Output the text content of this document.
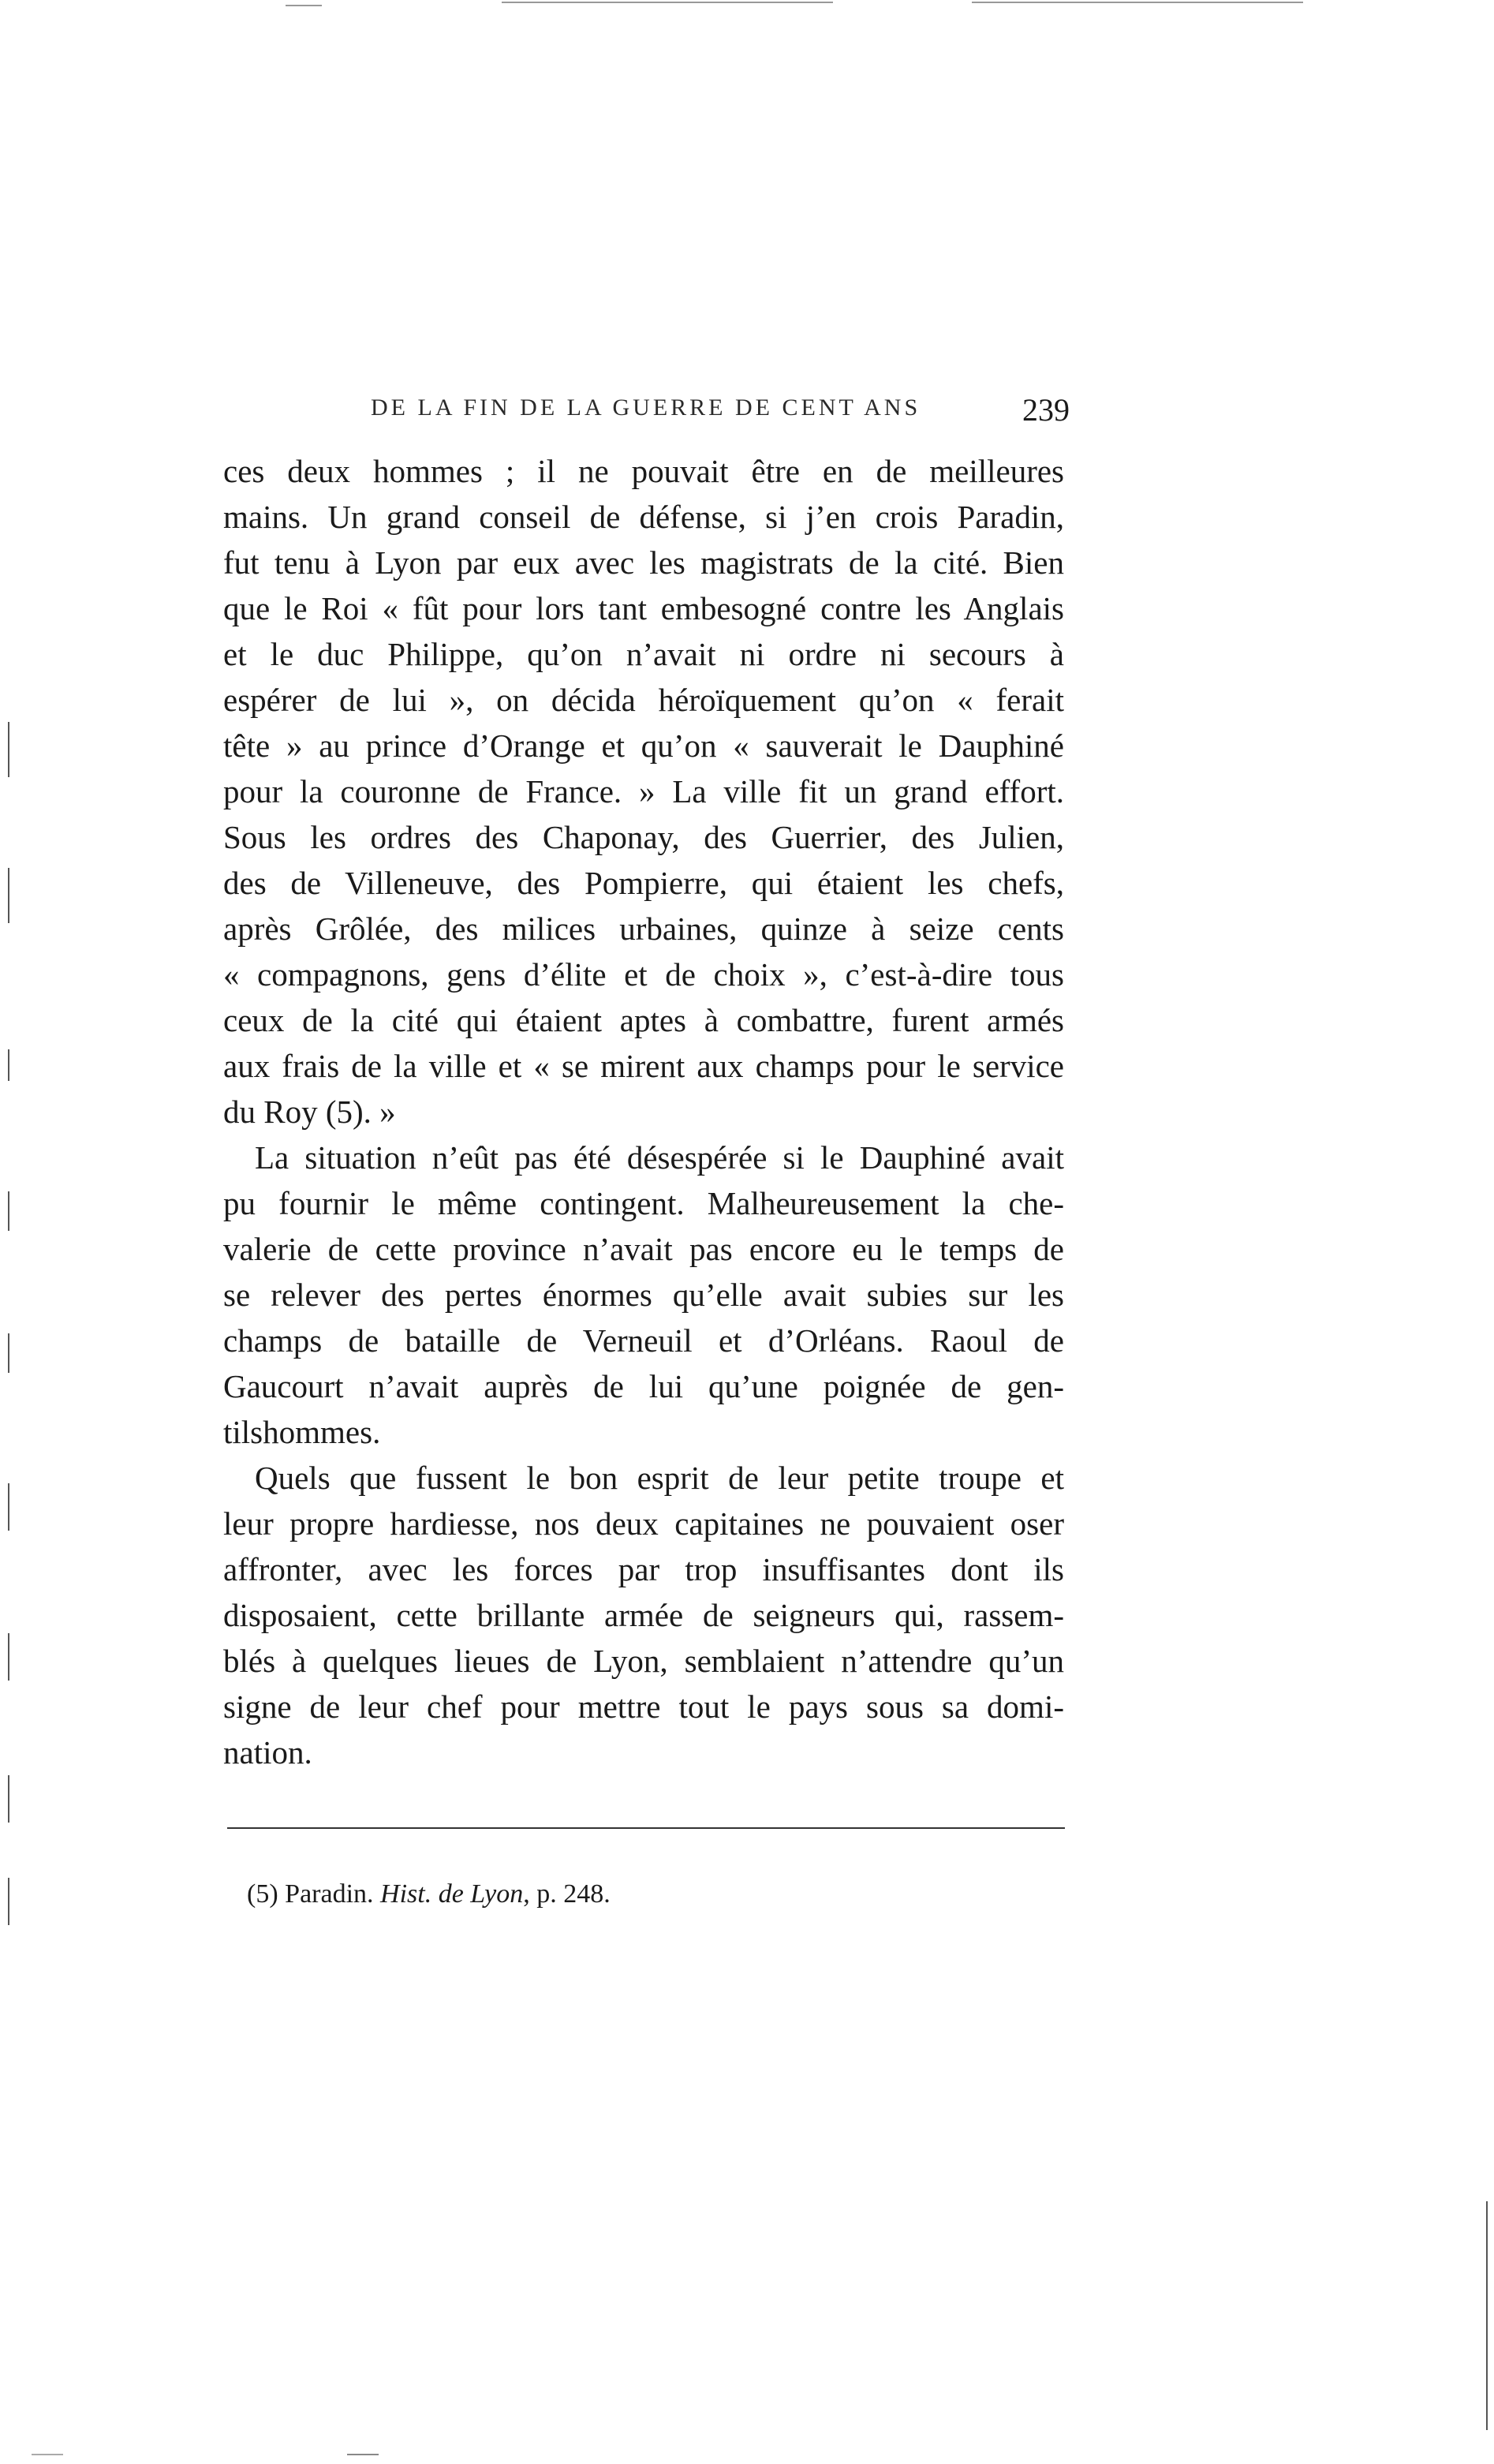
DE LA FIN DE LA GUERRE DE CENT ANS	239
ces deux hommes ; il ne pouvait être en de meilleures
mains. Un grand conseil de défense, si j’en crois Paradin,
fut tenu à Lyon par eux avec les magistrats de la cité. Bien
que le Roi « fût pour lors tant embesogné contre les Anglais
et le duc Philippe, qu’on n’avait ni ordre ni secours à
espérer de lui », on décida héroïquement qu’on « ferait
tête » au prince d’Orange et qu’on « sauverait le Dauphiné
pour la couronne de France. » La ville fit un grand effort.
Sous les ordres des Chaponay, des Guerrier, des Julien,
des de Villeneuve, des Pompierre, qui étaient les chefs,
après Grôlée, des milices urbaines, quinze à seize cents
« compagnons, gens d’élite et de choix », c’est-à-dire tous
ceux de la cité qui étaient aptes à combattre, furent armés
aux frais de la ville et « se mirent aux champs pour le service
du Roy (5). »
La situation n’eût pas été désespérée si le Dauphiné avait
pu fournir le même contingent. Malheureusement la che-
valerie de cette province n’avait pas encore eu le temps de
se relever des pertes énormes qu’elle avait subies sur les
champs de bataille de Verneuil et d’Orléans. Raoul de
Gaucourt n’avait auprès de lui qu’une poignée de gen-
tilshommes.
Quels que fussent le bon esprit de leur petite troupe et
leur propre hardiesse, nos deux capitaines ne pouvaient oser
affronter, avec les forces par trop insuffisantes dont ils
disposaient, cette brillante armée de seigneurs qui, rassem-
blés à quelques lieues de Lyon, semblaient n’attendre qu’un
signe de leur chef pour mettre tout le pays sous sa domi-
nation.
(5) Paradin. Hist. de Lyon, p. 248.
